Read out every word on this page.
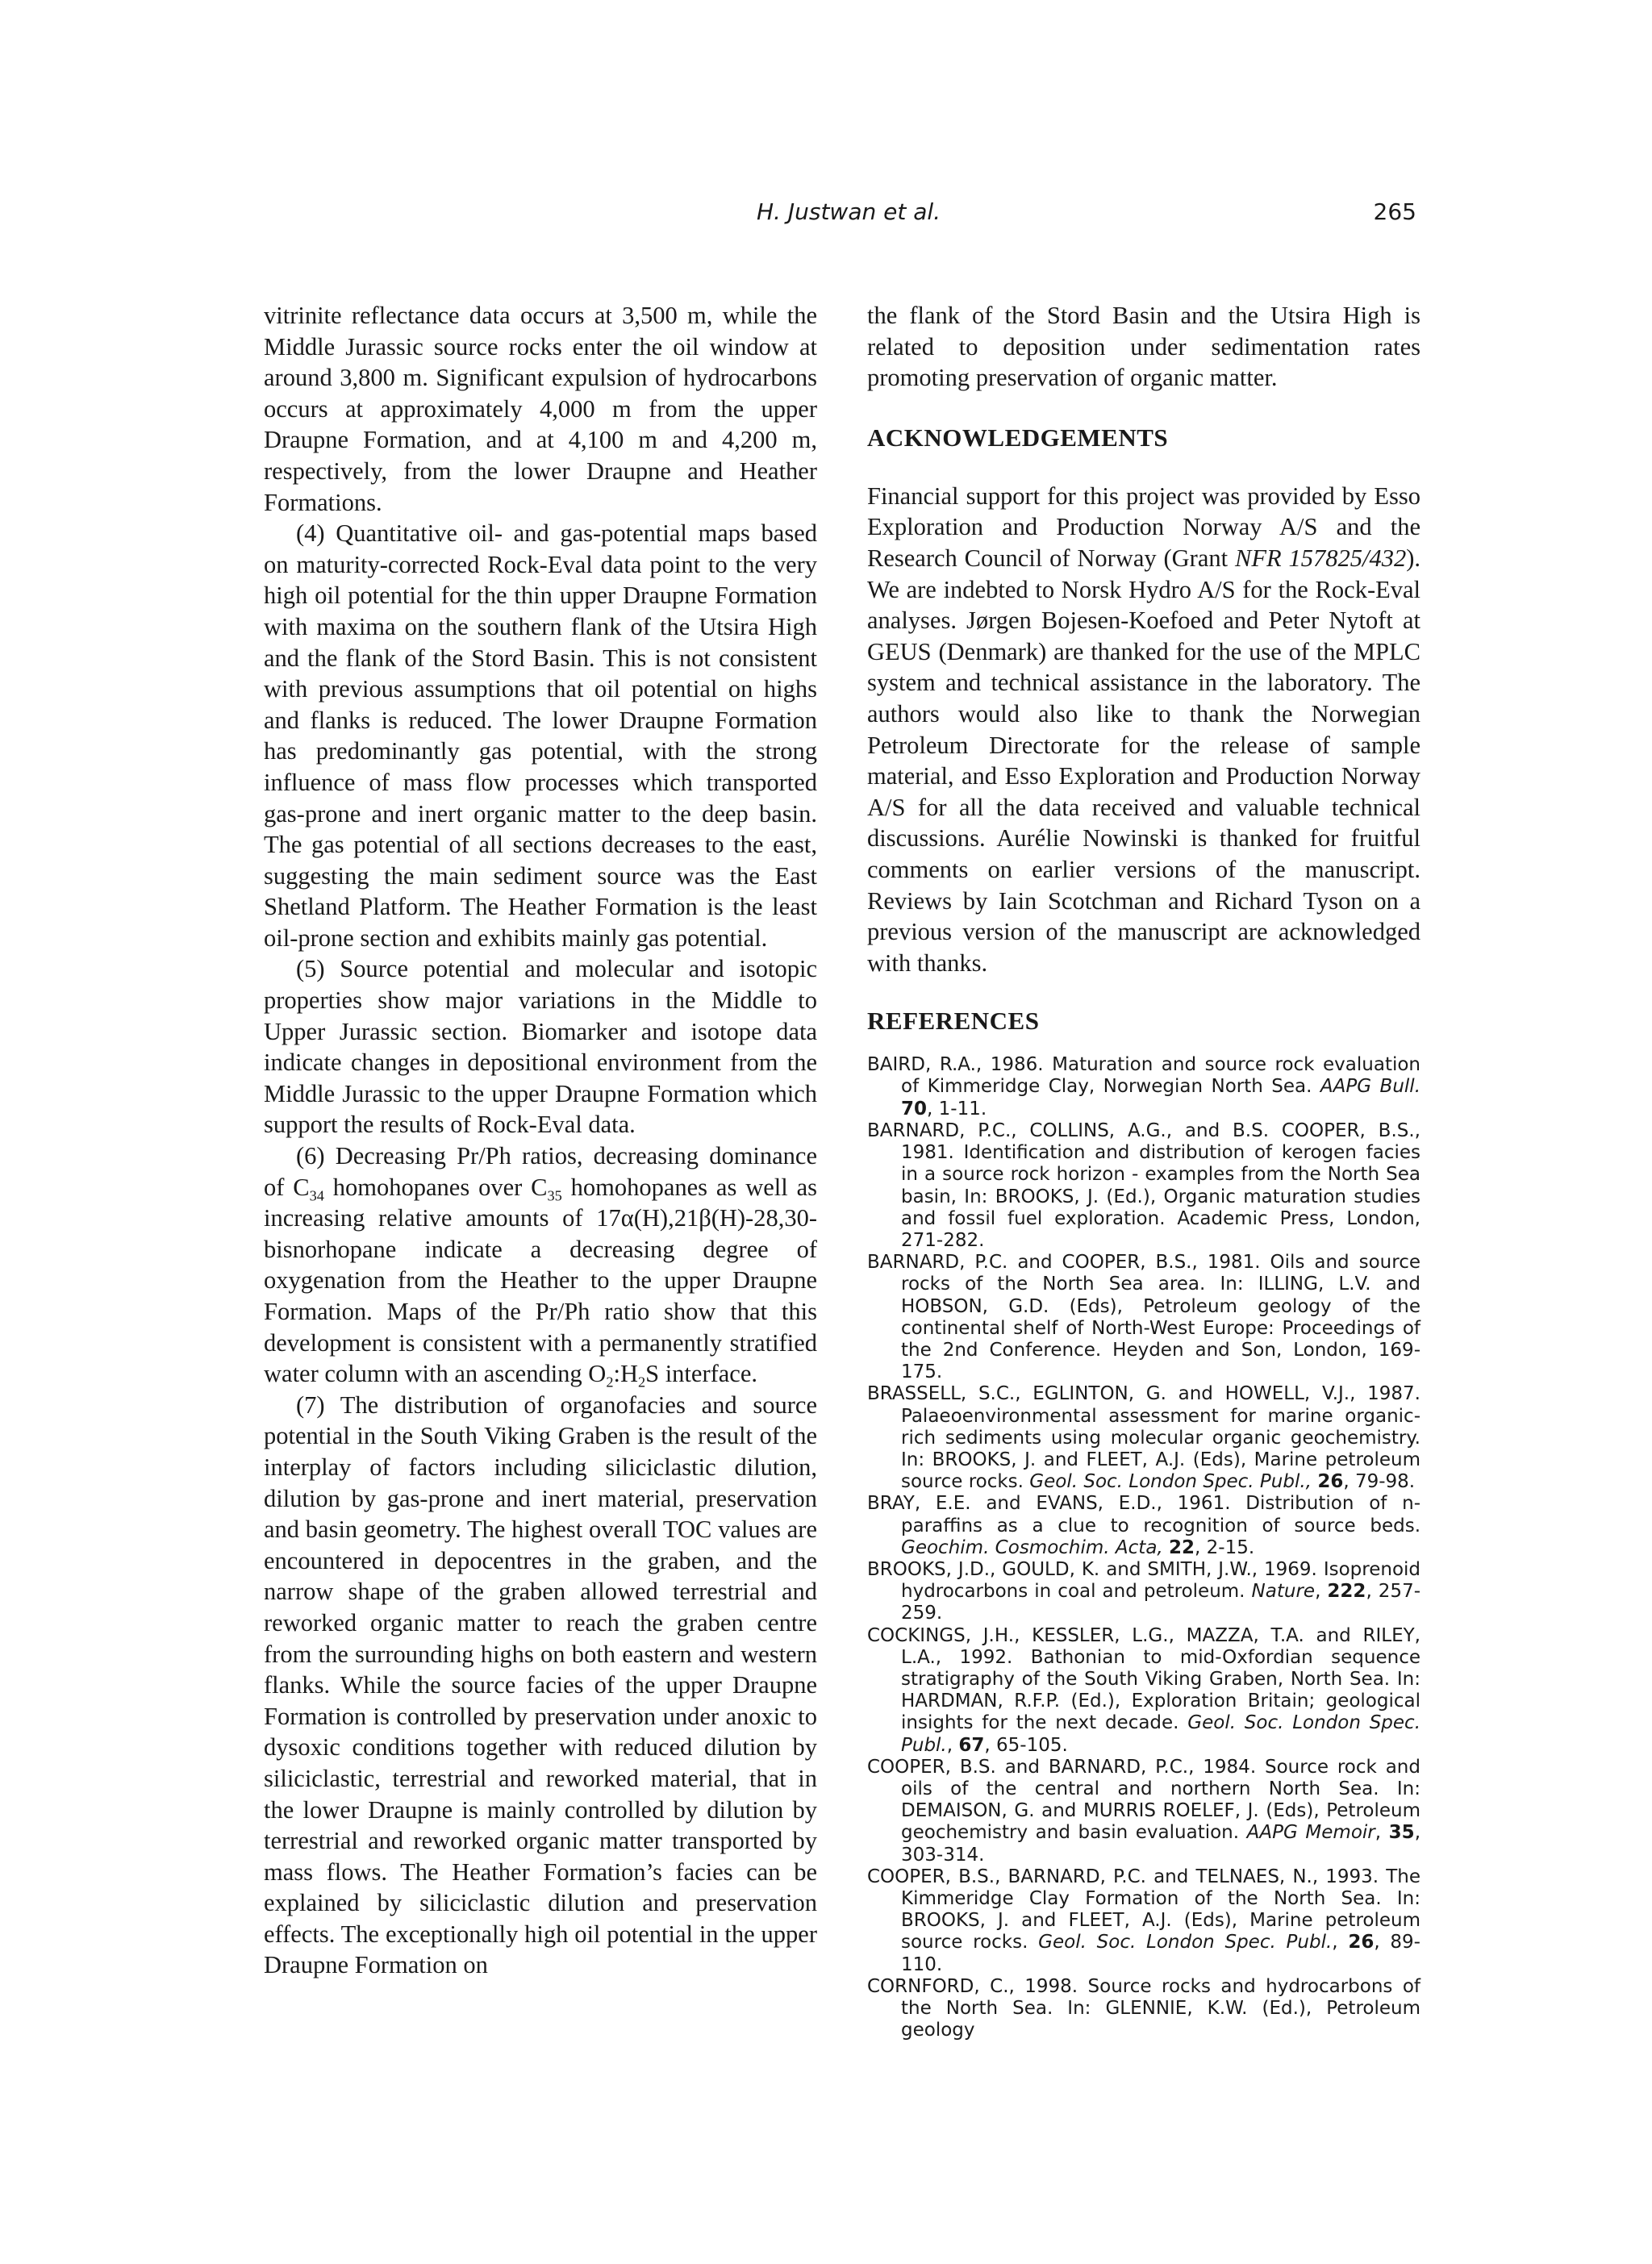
H. Justwan et al.	265

vitrinite reflectance data occurs at 3,500 m, while the Middle Jurassic source rocks enter the oil window at around 3,800 m. Significant expulsion of hydrocarbons occurs at approximately 4,000 m from the upper Draupne Formation, and at 4,100 m and 4,200 m, respectively, from the lower Draupne and Heather Formations.

(4) Quantitative oil- and gas-potential maps based on maturity-corrected Rock-Eval data point to the very high oil potential for the thin upper Draupne Formation with maxima on the southern flank of the Utsira High and the flank of the Stord Basin. This is not consistent with previous assumptions that oil potential on highs and flanks is reduced. The lower Draupne Formation has predominantly gas potential, with the strong influence of mass flow processes which transported gas-prone and inert organic matter to the deep basin. The gas potential of all sections decreases to the east, suggesting the main sediment source was the East Shetland Platform. The Heather Formation is the least oil-prone section and exhibits mainly gas potential.

(5) Source potential and molecular and isotopic properties show major variations in the Middle to Upper Jurassic section. Biomarker and isotope data indicate changes in depositional environment from the Middle Jurassic to the upper Draupne Formation which support the results of Rock-Eval data.

(6) Decreasing Pr/Ph ratios, decreasing dominance of $C_{34}$ homohopanes over $C_{35}$ homohopanes as well as increasing relative amounts of 17α(H),21β(H)-28,30-bisnorhopane indicate a decreasing degree of oxygenation from the Heather to the upper Draupne Formation. Maps of the Pr/Ph ratio show that this development is consistent with a permanently stratified water column with an ascending $O_2:H_2S$ interface.

(7) The distribution of organofacies and source potential in the South Viking Graben is the result of the interplay of factors including siliciclastic dilution, dilution by gas-prone and inert material, preservation and basin geometry. The highest overall TOC values are encountered in depocentres in the graben, and the narrow shape of the graben allowed terrestrial and reworked organic matter to reach the graben centre from the surrounding highs on both eastern and western flanks. While the source facies of the upper Draupne Formation is controlled by preservation under anoxic to dysoxic conditions together with reduced dilution by siliciclastic, terrestrial and reworked material, that in the lower Draupne is mainly controlled by dilution by terrestrial and reworked organic matter transported by mass flows. The Heather Formation’s facies can be explained by siliciclastic dilution and preservation effects. The exceptionally high oil potential in the upper Draupne Formation on

the flank of the Stord Basin and the Utsira High is related to deposition under sedimentation rates promoting preservation of organic matter.

ACKNOWLEDGEMENTS

Financial support for this project was provided by Esso Exploration and Production Norway A/S and the Research Council of Norway (Grant NFR 157825/432). We are indebted to Norsk Hydro A/S for the Rock-Eval analyses. Jørgen Bojesen-Koefoed and Peter Nytoft at GEUS (Denmark) are thanked for the use of the MPLC system and technical assistance in the laboratory. The authors would also like to thank the Norwegian Petroleum Directorate for the release of sample material, and Esso Exploration and Production Norway A/S for all the data received and valuable technical discussions. Aurélie Nowinski is thanked for fruitful comments on earlier versions of the manuscript. Reviews by Iain Scotchman and Richard Tyson on a previous version of the manuscript are acknowledged with thanks.

REFERENCES

BAIRD, R.A., 1986. Maturation and source rock evaluation of Kimmeridge Clay, Norwegian North Sea. AAPG Bull. 70, 1-11.

BARNARD, P.C., COLLINS, A.G., and B.S. COOPER, B.S., 1981. Identification and distribution of kerogen facies in a source rock horizon - examples from the North Sea basin, In: BROOKS, J. (Ed.), Organic maturation studies and fossil fuel exploration. Academic Press, London, 271-282.

BARNARD, P.C. and COOPER, B.S., 1981. Oils and source rocks of the North Sea area. In: ILLING, L.V. and HOBSON, G.D. (Eds), Petroleum geology of the continental shelf of North-West Europe: Proceedings of the 2nd Conference. Heyden and Son, London, 169-175.

BRASSELL, S.C., EGLINTON, G. and HOWELL, V.J., 1987. Palaeoenvironmental assessment for marine organic-rich sediments using molecular organic geochemistry. In: BROOKS, J. and FLEET, A.J. (Eds), Marine petroleum source rocks. Geol. Soc. London Spec. Publ., 26, 79-98.

BRAY, E.E. and EVANS, E.D., 1961. Distribution of n-paraffins as a clue to recognition of source beds. Geochim. Cosmochim. Acta, 22, 2-15.

BROOKS, J.D., GOULD, K. and SMITH, J.W., 1969. Isoprenoid hydrocarbons in coal and petroleum. Nature, 222, 257-259.

COCKINGS, J.H., KESSLER, L.G., MAZZA, T.A. and RILEY, L.A., 1992. Bathonian to mid-Oxfordian sequence stratigraphy of the South Viking Graben, North Sea. In: HARDMAN, R.F.P. (Ed.), Exploration Britain; geological insights for the next decade. Geol. Soc. London Spec. Publ., 67, 65-105.

COOPER, B.S. and BARNARD, P.C., 1984. Source rock and oils of the central and northern North Sea. In: DEMAISON, G. and MURRIS ROELEF, J. (Eds), Petroleum geochemistry and basin evaluation. AAPG Memoir, 35, 303-314.

COOPER, B.S., BARNARD, P.C. and TELNAES, N., 1993. The Kimmeridge Clay Formation of the North Sea. In: BROOKS, J. and FLEET, A.J. (Eds), Marine petroleum source rocks. Geol. Soc. London Spec. Publ., 26, 89-110.

CORNFORD, C., 1998. Source rocks and hydrocarbons of the North Sea. In: GLENNIE, K.W. (Ed.), Petroleum geology
